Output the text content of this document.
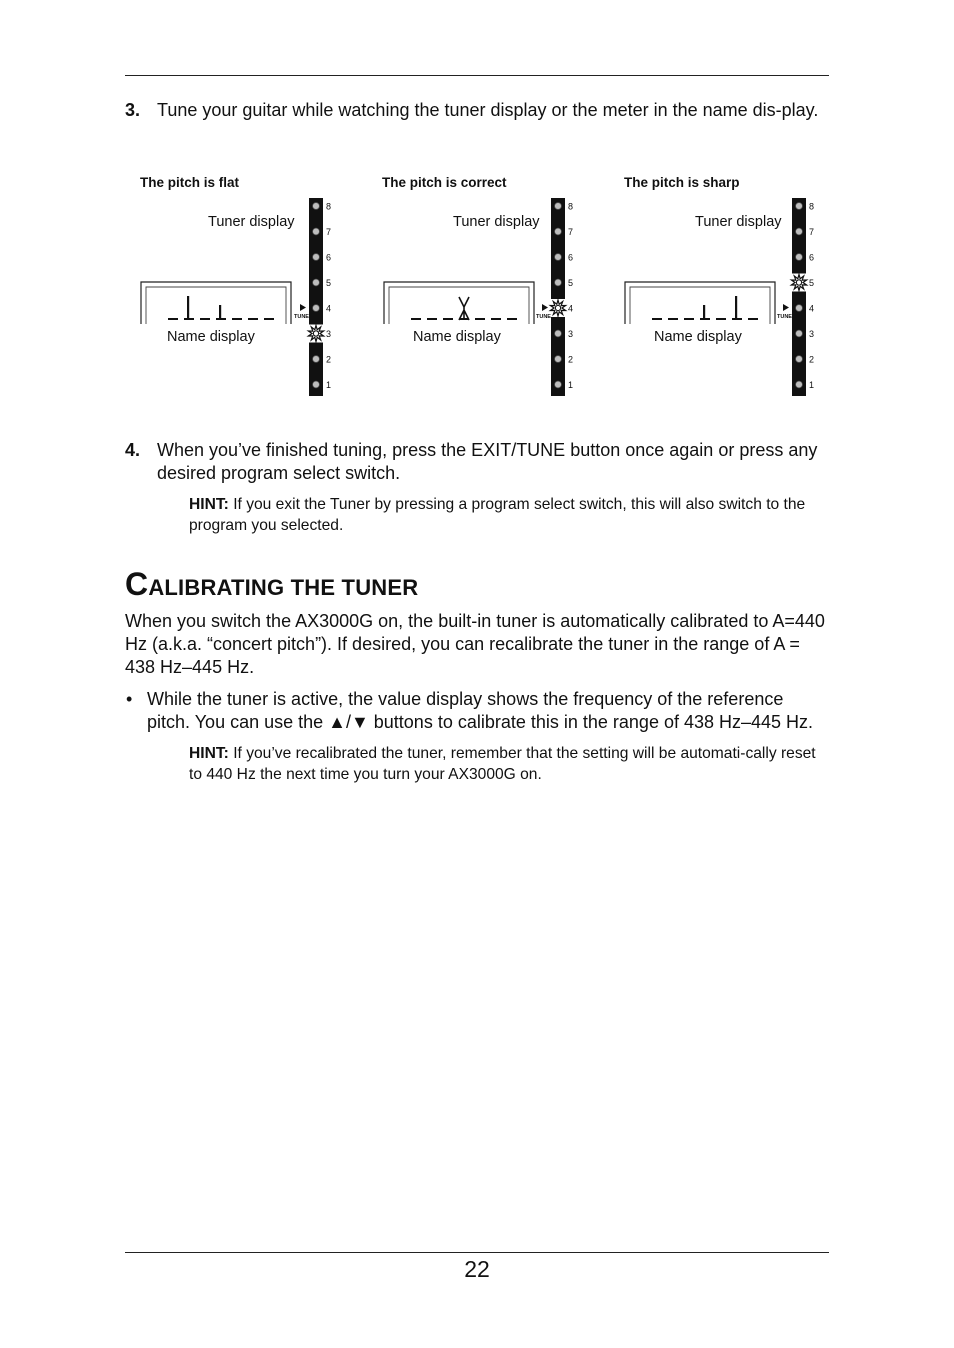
3. Tune your guitar while watching the tuner display or the meter in the name dis-play.
The pitch is flat
Tuner display
Name display
8
7
6
5
4
3
2
1
TUNE
The pitch is correct
Tuner display
Name display
8
7
6
5
4
3
2
1
TUNE
The pitch is sharp
Tuner display
Name display
8
7
6
5
4
3
2
1
TUNE
4. When you’ve finished tuning, press the EXIT/TUNE button once again or press any desired program select switch.
HINT: If you exit the Tuner by pressing a program select switch, this will also switch to the program you selected.
CALIBRATING THE TUNER
When you switch the AX3000G on, the built-in tuner is automatically calibrated to A=440 Hz (a.k.a. “concert pitch”). If desired, you can recalibrate the tuner in the range of A = 438 Hz–445 Hz.
• While the tuner is active, the value display shows the frequency of the reference pitch. You can use the ▲/▼ buttons to calibrate this in the range of 438 Hz–445 Hz.
HINT: If you’ve recalibrated the tuner, remember that the setting will be automati-cally reset to 440 Hz the next time you turn your AX3000G on.
22
